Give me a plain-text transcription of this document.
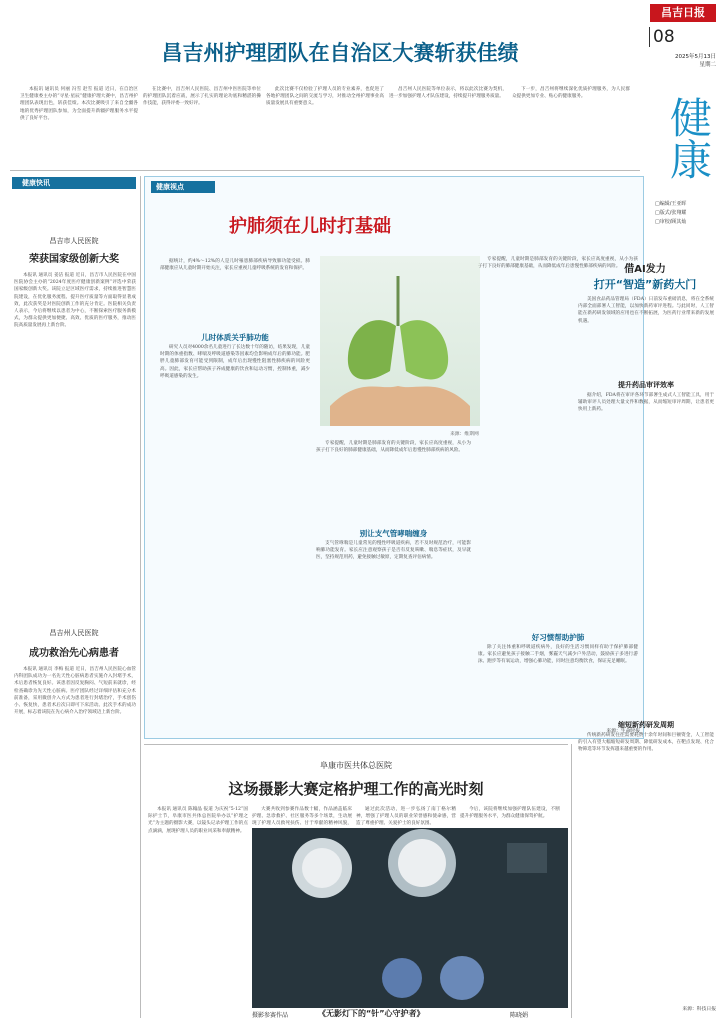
昌吉日报
08
2025年5月13日
星期二
健康
□编辑/王亚晖
□版式/张翔耀
□审校/顾其灿
昌吉州护理团队在自治区大赛斩获佳绩

本报讯 通讯员 何丽 冯雪 赵雪 报道 近日，在自治区卫生健康委主办的“寻星·星辰”健康护理大赛中，昌吉州护理团队表现出色，斩获佳绩。本次比赛吸引了来自全疆各地的优秀护理团队参加，为全面提升新疆护理服务水平提供了良好平台。

在比赛中，昌吉州人民医院、昌吉州中医医院等单位的护理团队沉着应战，展示了扎实的理论功底和精湛的操作技能，获得评委一致好评。

此次比赛不仅检验了护理人员的专业素养，也促进了各地护理团队之间的交流与学习，对推动全州护理事业高质量发展具有重要意义。

昌吉州人民医院等单位表示，将以此次比赛为契机，进一步加强护理人才队伍建设，持续提升护理服务质量。

下一步，昌吉州将继续深化优质护理服务，为人民群众提供更加专业、贴心的健康服务。

健康快讯
昌吉市人民医院
荣获国家级创新大奖

本报讯 通讯员 姜洁 报道 近日，昌吉市人民医院在中国医院协会主办的“2024年度医疗健康创新案例”评选中荣获国家级创新大奖。该院立足区域医疗需求，持续推进智慧医院建设，在优化服务流程、提升医疗质量等方面取得显著成效，此次获奖是对医院创新工作的充分肯定。医院相关负责人表示，今后将继续以患者为中心，不断探索医疗服务新模式，为群众提供更加便捷、高效、优质的医疗服务，推动医院高质量发展再上新台阶。

昌吉州人民医院
成功救治先心病患者

本报讯 通讯员 李梅 报道 近日，昌吉州人民医院心血管内科团队成功为一名先天性心脏病患者实施介入封堵手术，术后患者恢复良好。该患者因反复胸闷、气短前来就诊，经检查确诊为先天性心脏病。医疗团队经过详细评估和充分术前准备，采用微创介入方式为患者进行封堵治疗，手术创伤小、恢复快，患者术后次日即可下床活动。此次手术的成功开展，标志着该院在先心病介入治疗领域迈上新台阶。

健康视点
护肺须在儿时打基础
来源：维斯网

据统计，约4%～12%的人是儿时罹患肺部疾病导致肺功能受损。肺部健康应从儿童时期开始关注，家长应重视儿童呼吸系统的发育和保护。

儿时体质关乎肺功能

研究人员对4000余名儿童进行了长达数十年的随访，结果发现，儿童时期的体重指数、哮喘及呼吸道感染等因素均会影响成年后的肺功能。肥胖儿童肺部发育可能受到限制，成年后出现慢性阻塞性肺疾病的风险更高。因此，家长应帮助孩子养成健康的饮食和运动习惯，控制体重，减少呼吸道感染的发生。

专家提醒，儿童时期是肺部发育的关键阶段，家长应高度重视，从小为孩子打下良好的肺部健康基础，从而降低成年后患慢性肺部疾病的风险。

别让支气管哮喘缠身

支气管哮喘是儿童常见的慢性呼吸道疾病，若不及时规范治疗，可能影响肺功能发育。家长应注意观察孩子是否有反复咳嗽、喘息等症状，及早就医，坚持规范用药，避免接触过敏原，定期复查评估病情。

专家提醒，儿童时期是肺部发育的关键阶段，家长应高度重视，从小为孩子打下良好的肺部健康基础，从而降低成年后患慢性肺部疾病的风险。

好习惯帮助护肺

除了关注体重和呼吸道疾病外，良好的生活习惯同样有助于保护肺部健康。家长应避免孩子接触二手烟，雾霾天气减少户外活动，鼓励孩子多进行游泳、跑步等有氧运动，增强心肺功能，同时注意均衡饮食，保证充足睡眠。

来源：生命时报
借AI发力
打开“智造”新药大门

美国食品药品管理局（FDA）日前发布重磅消息，将在全系统内部全面部署人工智能，以加快新药审评进程。与此同时，人工智能在新药研发领域的应用也在不断拓展，为医药行业带来新的发展机遇。

提升药品审评效率

据介绍，FDA将在审评各环节部署生成式人工智能工具，用于辅助审评人员处理大量文件和数据，从而缩短审评周期，让患者更快用上新药。

缩短新药研发周期

传统新药研发往往需要耗费十余年时间和巨额资金，人工智能的引入有望大幅缩短研发周期、降低研发成本，在靶点发现、化合物筛选等环节发挥越来越重要的作用。

来源：科技日报
阜康市医共体总医院
这场摄影大赛定格护理工作的高光时刻

本报讯 通讯员 陈翰晶 报道 为庆祝“5·12”国际护士节，阜康市医共体总医院举办以“护理之光”为主题的摄影大赛，以镜头记录护理工作的点点滴滴，展现护理人员的职业风采和奉献精神。

大赛共收到参赛作品数十幅，作品涵盖临床护理、急诊救护、社区服务等多个场景，生动展现了护理人员救死扶伤、甘于奉献的精神风貌，

通过此次活动，进一步弘扬了南丁格尔精神，增强了护理人员的职业荣誉感和使命感，营造了尊重护理、关爱护士的良好氛围。

今后，该院将继续加强护理队伍建设，不断提升护理服务水平，为群众健康保驾护航。

摄影参赛作品	《无影灯下的“针”心守护者》	陈晓娟
